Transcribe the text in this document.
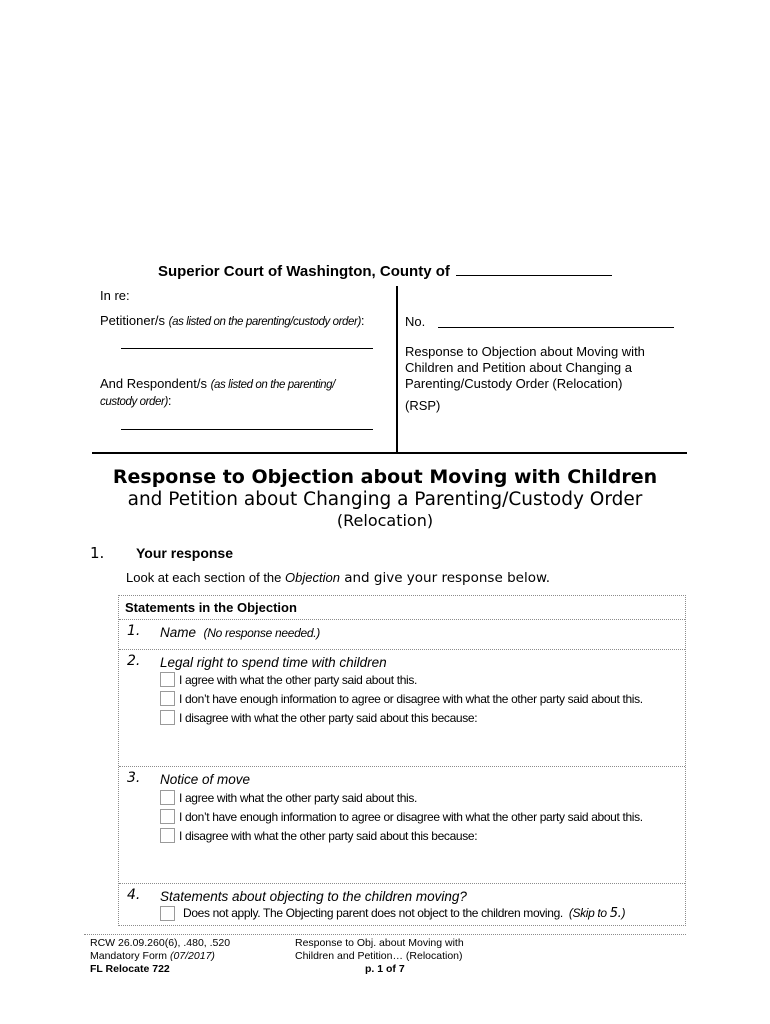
Superior Court of Washington, County of
In re:
Petitioner/s (as listed on the parenting/custody order):
And Respondent/s (as listed on the parenting/
custody order):
No.
Response to Objection about Moving with Children and Petition about Changing a Parenting/Custody Order (Relocation)
(RSP)
Response to Objection about Moving with Children
and Petition about Changing a Parenting/Custody Order
(Relocation)
1. Your response
Look at each section of the Objection and give your response below.
Statements in the Objection
1. Name (No response needed.)
2. Legal right to spend time with children
I agree with what the other party said about this.
I don’t have enough information to agree or disagree with what the other party said about this.
I disagree with what the other party said about this because:
3. Notice of move
I agree with what the other party said about this.
I don’t have enough information to agree or disagree with what the other party said about this.
I disagree with what the other party said about this because:
4. Statements about objecting to the children moving?
Does not apply. The Objecting parent does not object to the children moving. (Skip to 5.)
RCW 26.09.260(6), .480, .520
Mandatory Form (07/2017)
FL Relocate 722
Response to Obj. about Moving with
Children and Petition… (Relocation)
p. 1 of 7
